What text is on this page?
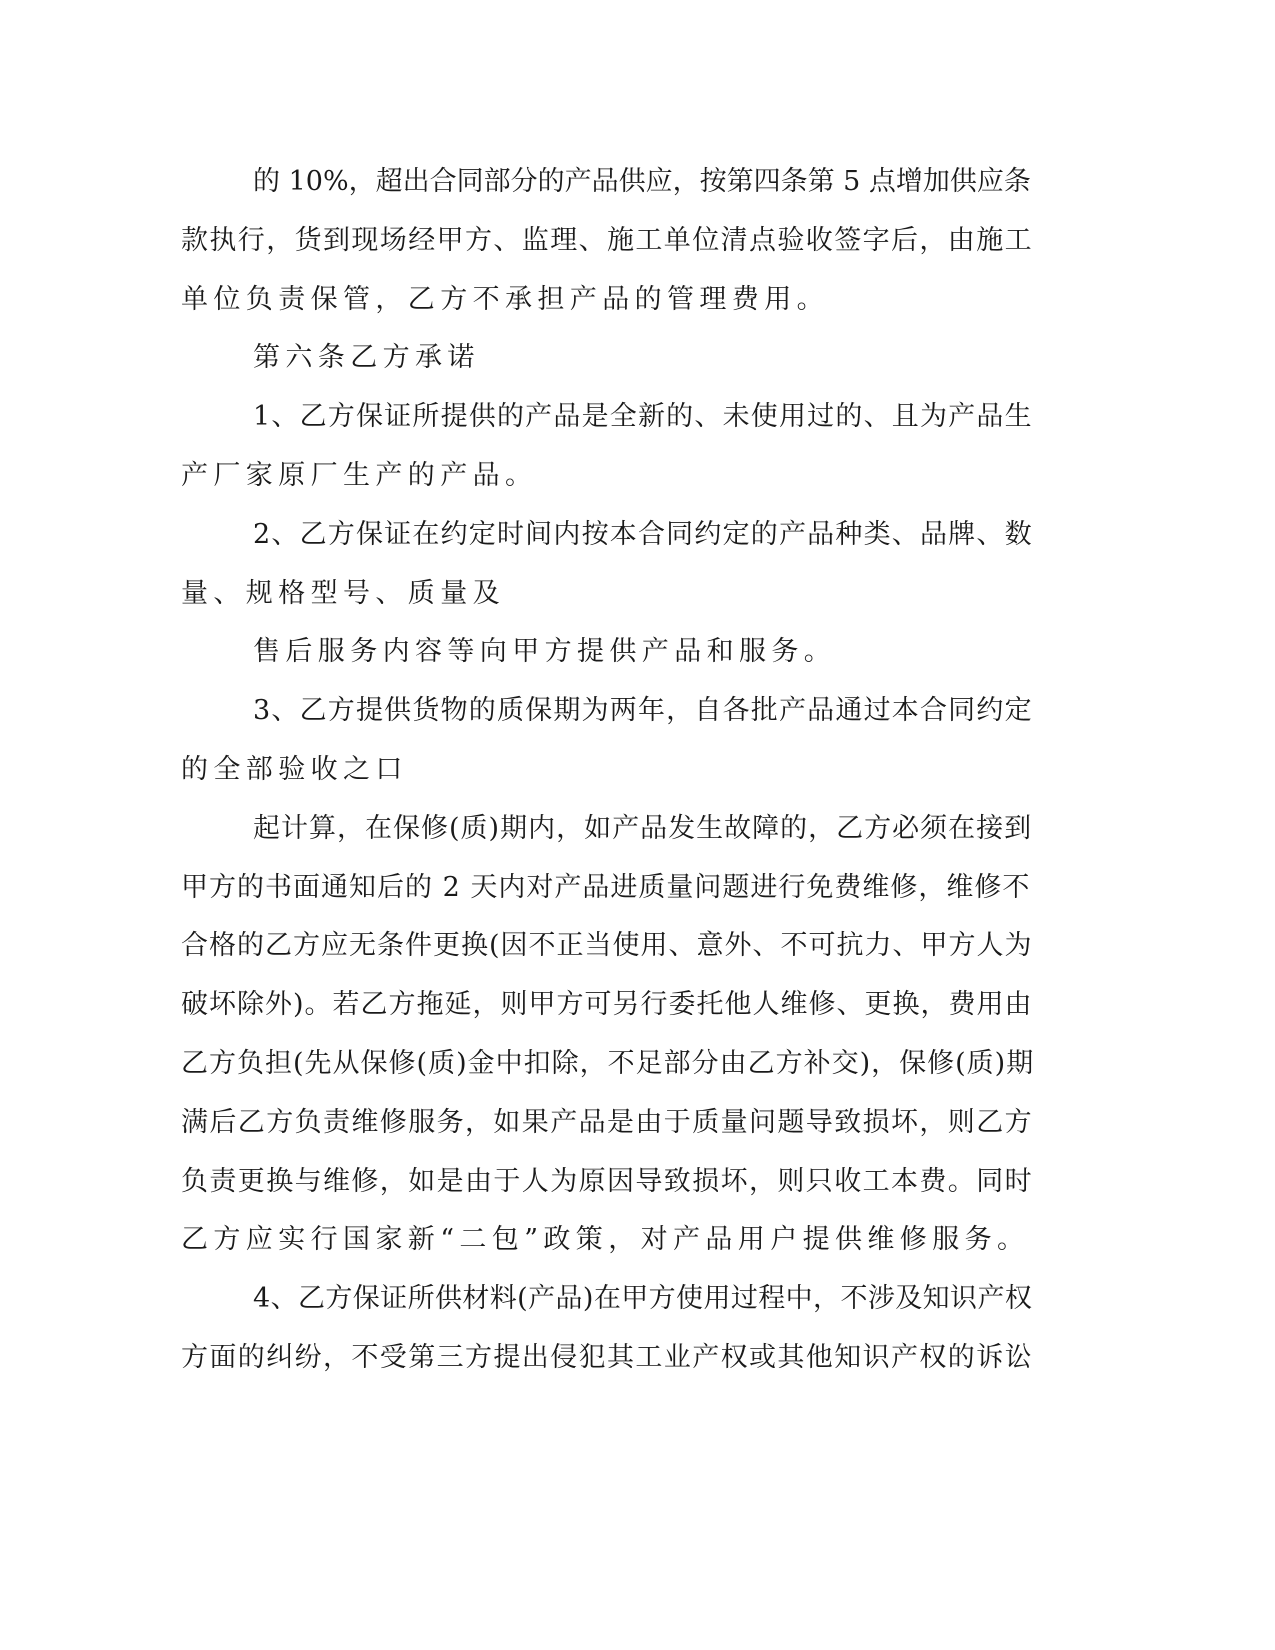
的 10%，超出合同部分的产品供应，按第四条第 5 点增加供应条

款执行，货到现场经甲方、监理、施工单位清点验收签字后，由施工

单位负责保管，乙方不承担产品的管理费用。

第六条乙方承诺

1、乙方保证所提供的产品是全新的、未使用过的、且为产品生

产厂家原厂生产的产品。

2、乙方保证在约定时间内按本合同约定的产品种类、品牌、数

量、规格型号、质量及

售后服务内容等向甲方提供产品和服务。

3、乙方提供货物的质保期为两年，自各批产品通过本合同约定

的全部验收之口

起计算，在保修(质)期内，如产品发生故障的，乙方必须在接到

甲方的书面通知后的 2 天内对产品进质量问题进行免费维修，维修不

合格的乙方应无条件更换(因不正当使用、意外、不可抗力、甲方人为

破坏除外)。若乙方拖延，则甲方可另行委托他人维修、更换，费用由

乙方负担(先从保修(质)金中扣除，不足部分由乙方补交)，保修(质)期

满后乙方负责维修服务，如果产品是由于质量问题导致损坏，则乙方

负责更换与维修，如是由于人为原因导致损坏，则只收工本费。同时

乙方应实行国家新“二包”政策，对产品用户提供维修服务。

4、乙方保证所供材料(产品)在甲方使用过程中，不涉及知识产权

方面的纠纷，不受第三方提出侵犯其工业产权或其他知识产权的诉讼
